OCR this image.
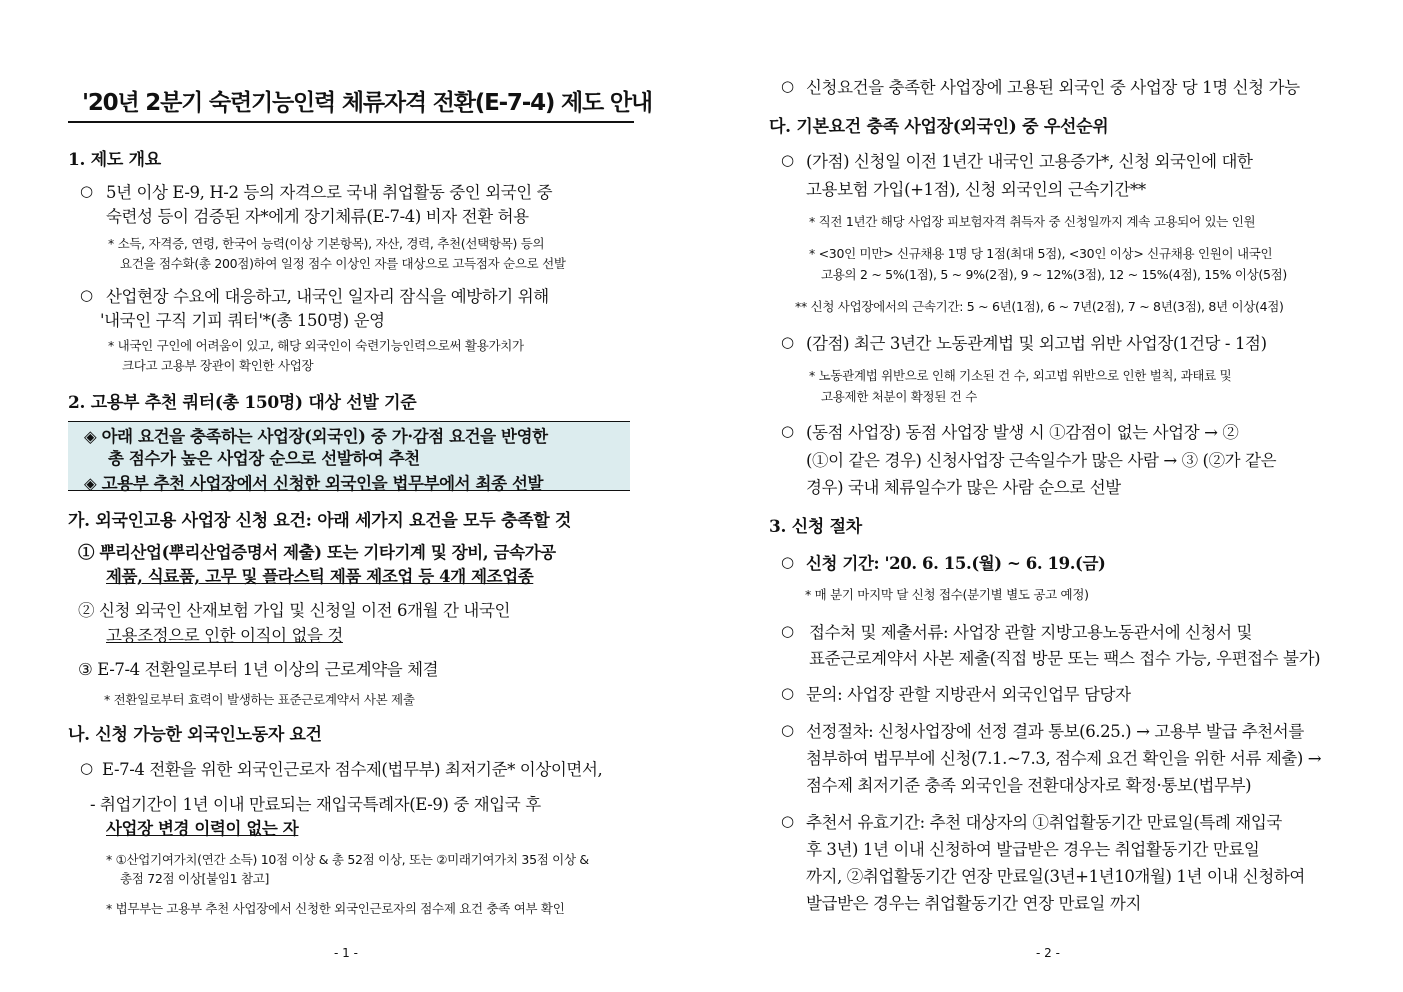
'20년 2분기 숙련기능인력 체류자격 전환(E-7-4) 제도 안내
1. 제도 개요
○ 5년 이상 E-9, H-2 등의 자격으로 국내 취업활동 중인 외국인 중
숙련성 등이 검증된 자*에게 장기체류(E-7-4) 비자 전환 허용
* 소득, 자격증, 연령, 한국어 능력(이상 기본항목), 자산, 경력, 추천(선택항목) 등의
요건을 점수화(총 200점)하여 일정 점수 이상인 자를 대상으로 고득점자 순으로 선발
○ 산업현장 수요에 대응하고, 내국인 일자리 잠식을 예방하기 위해
'내국인 구직 기피 쿼터'*(총 150명) 운영
* 내국인 구인에 어려움이 있고, 해당 외국인이 숙련기능인력으로써 활용가치가
크다고 고용부 장관이 확인한 사업장
2. 고용부 추천 쿼터(총 150명) 대상 선발 기준
◈ 아래 요건을 충족하는 사업장(외국인) 중 가·감점 요건을 반영한
총 점수가 높은 사업장 순으로 선발하여 추천
◈ 고용부 추천 사업장에서 신청한 외국인을 법무부에서 최종 선발
가. 외국인고용 사업장 신청 요건: 아래 세가지 요건을 모두 충족할 것
① 뿌리산업(뿌리산업증명서 제출) 또는 기타기계 및 장비, 금속가공
제품, 식료품, 고무 및 플라스틱 제품 제조업 등 4개 제조업종
② 신청 외국인 산재보험 가입 및 신청일 이전 6개월 간 내국인
고용조정으로 인한 이직이 없을 것
③ E-7-4 전환일로부터 1년 이상의 근로계약을 체결
* 전환일로부터 효력이 발생하는 표준근로계약서 사본 제출
나. 신청 가능한 외국인노동자 요건
○ E-7-4 전환을 위한 외국인근로자 점수제(법무부) 최저기준* 이상이면서,
- 취업기간이 1년 이내 만료되는 재입국특례자(E-9) 중 재입국 후
사업장 변경 이력이 없는 자
* ①산업기여가치(연간 소득) 10점 이상 & 총 52점 이상, 또는 ②미래기여가치 35점 이상 &
총점 72점 이상[붙임1 참고]
* 법무부는 고용부 추천 사업장에서 신청한 외국인근로자의 점수제 요건 충족 여부 확인
- 1 -
○ 신청요건을 충족한 사업장에 고용된 외국인 중 사업장 당 1명 신청 가능
다. 기본요건 충족 사업장(외국인) 중 우선순위
○ (가점) 신청일 이전 1년간 내국인 고용증가*, 신청 외국인에 대한
고용보험 가입(+1점), 신청 외국인의 근속기간**
* 직전 1년간 해당 사업장 피보험자격 취득자 중 신청일까지 계속 고용되어 있는 인원
* <30인 미만> 신규채용 1명 당 1점(최대 5점), <30인 이상> 신규채용 인원이 내국인
고용의 2 ~ 5%(1점), 5 ~ 9%(2점), 9 ~ 12%(3점), 12 ~ 15%(4점), 15% 이상(5점)
** 신청 사업장에서의 근속기간: 5 ~ 6년(1점), 6 ~ 7년(2점), 7 ~ 8년(3점), 8년 이상(4점)
○ (감점) 최근 3년간 노동관계법 및 외고법 위반 사업장(1건당 - 1점)
* 노동관계법 위반으로 인해 기소된 건 수, 외고법 위반으로 인한 벌칙, 과태료 및
고용제한 처분이 확정된 건 수
○ (동점 사업장) 동점 사업장 발생 시 ①감점이 없는 사업장 → ②
(①이 같은 경우) 신청사업장 근속일수가 많은 사람 → ③ (②가 같은
경우) 국내 체류일수가 많은 사람 순으로 선발
3. 신청 절차
○ 신청 기간: '20. 6. 15.(월) ~ 6. 19.(금)
* 매 분기 마지막 달 신청 접수(분기별 별도 공고 예정)
○ 접수처 및 제출서류: 사업장 관할 지방고용노동관서에 신청서 및
표준근로계약서 사본 제출(직접 방문 또는 팩스 접수 가능, 우편접수 불가)
○ 문의: 사업장 관할 지방관서 외국인업무 담당자
○ 선정절차: 신청사업장에 선정 결과 통보(6.25.) → 고용부 발급 추천서를
첨부하여 법무부에 신청(7.1.~7.3, 점수제 요건 확인을 위한 서류 제출) →
점수제 최저기준 충족 외국인을 전환대상자로 확정·통보(법무부)
○ 추천서 유효기간: 추천 대상자의 ①취업활동기간 만료일(특례 재입국
후 3년) 1년 이내 신청하여 발급받은 경우는 취업활동기간 만료일
까지, ②취업활동기간 연장 만료일(3년+1년10개월) 1년 이내 신청하여
발급받은 경우는 취업활동기간 연장 만료일 까지
- 2 -
